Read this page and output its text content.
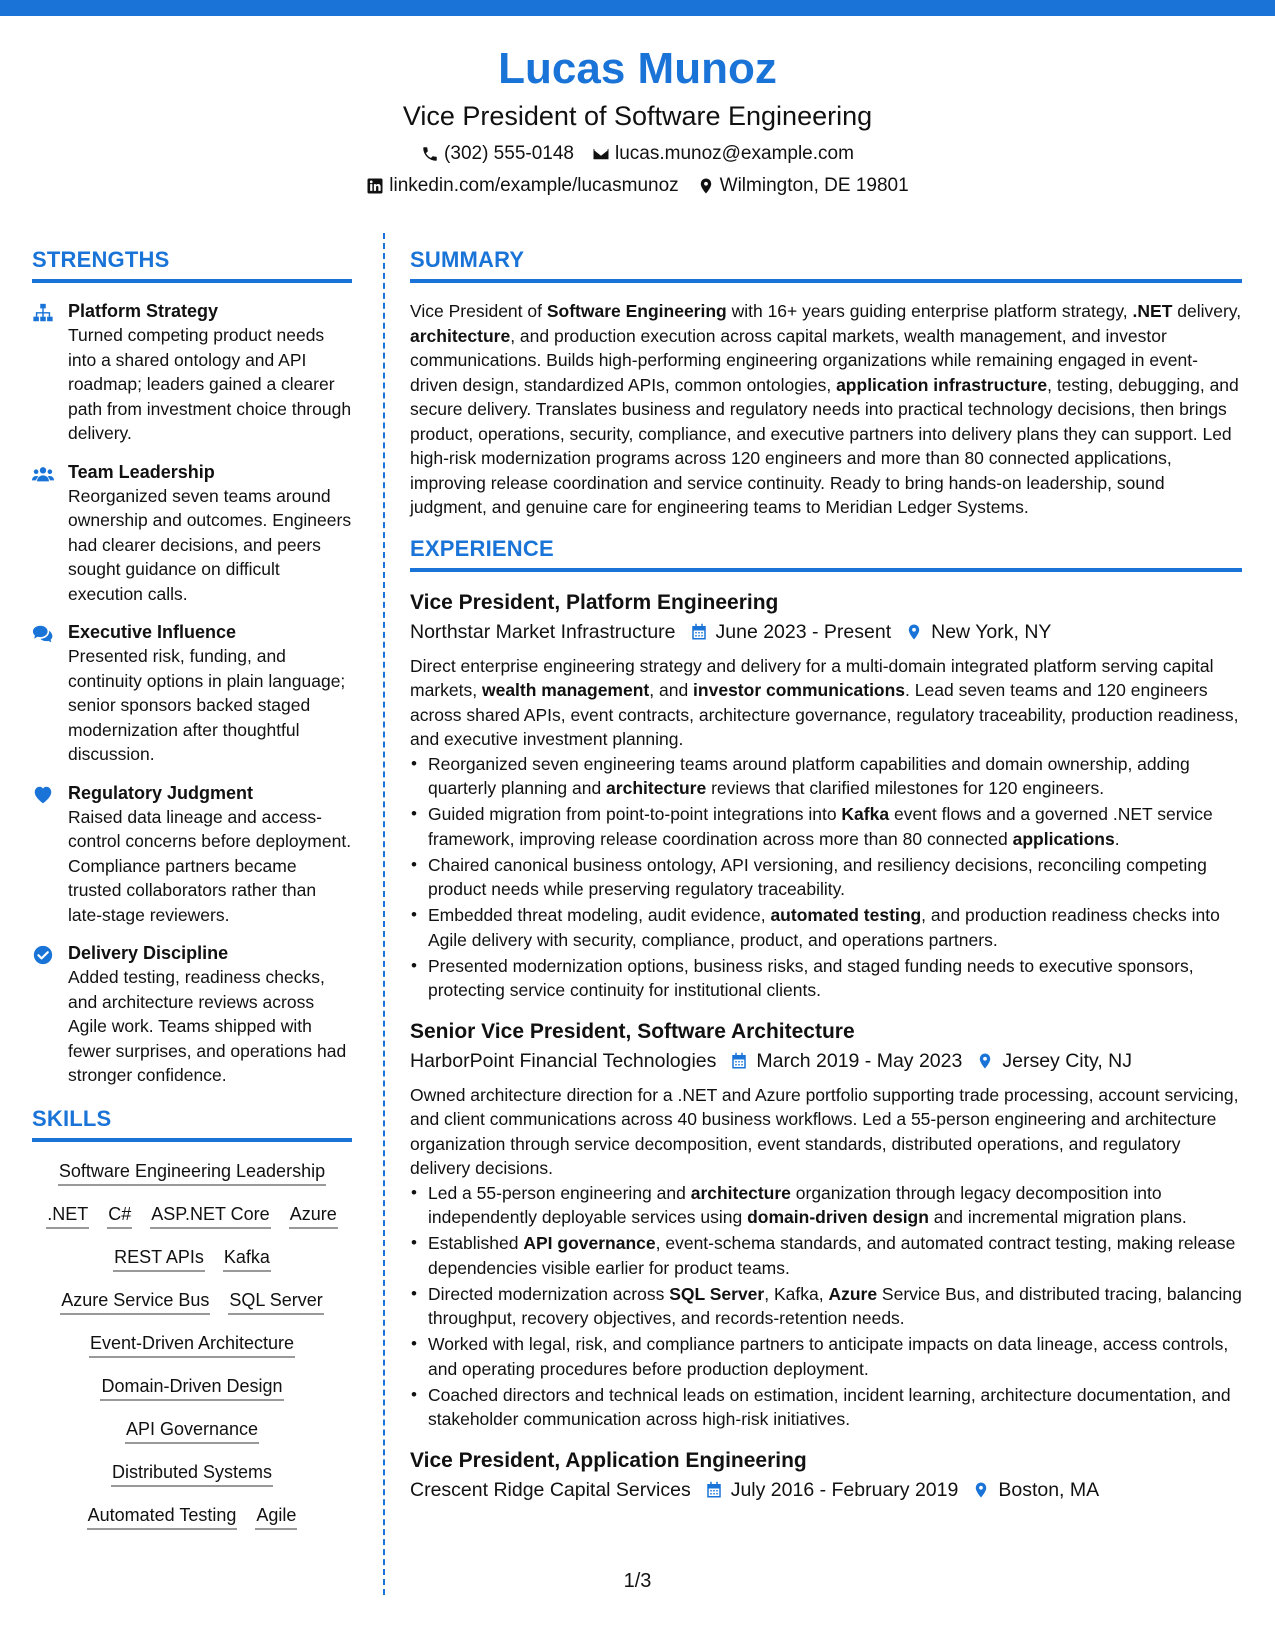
Lucas Munoz
Vice President of Software Engineering
(302) 555-0148 lucas.munoz@example.com
linkedin.com/example/lucasmunoz Wilmington, DE 19801
STRENGTHS
Platform Strategy
Turned competing product needs into a shared ontology and API roadmap; leaders gained a clearer path from investment choice through delivery.
Team Leadership
Reorganized seven teams around ownership and outcomes. Engineers had clearer decisions, and peers sought guidance on difficult execution calls.
Executive Influence
Presented risk, funding, and continuity options in plain language; senior sponsors backed staged modernization after thoughtful discussion.
Regulatory Judgment
Raised data lineage and access-control concerns before deployment. Compliance partners became trusted collaborators rather than late-stage reviewers.
Delivery Discipline
Added testing, readiness checks, and architecture reviews across Agile work. Teams shipped with fewer surprises, and operations had stronger confidence.
SKILLS
Software Engineering Leadership
.NET C# ASP.NET Core Azure
REST APIs Kafka
Azure Service Bus SQL Server
Event-Driven Architecture
Domain-Driven Design
API Governance
Distributed Systems
Automated Testing Agile
SUMMARY
Vice President of Software Engineering with 16+ years guiding enterprise platform strategy, .NET delivery, architecture, and production execution across capital markets, wealth management, and investor communications. Builds high-performing engineering organizations while remaining engaged in event-driven design, standardized APIs, common ontologies, application infrastructure, testing, debugging, and secure delivery. Translates business and regulatory needs into practical technology decisions, then brings product, operations, security, compliance, and executive partners into delivery plans they can support. Led high-risk modernization programs across 120 engineers and more than 80 connected applications, improving release coordination and service continuity. Ready to bring hands-on leadership, sound judgment, and genuine care for engineering teams to Meridian Ledger Systems.
EXPERIENCE
Vice President, Platform Engineering
Northstar Market Infrastructure June 2023 - Present New York, NY
Direct enterprise engineering strategy and delivery for a multi-domain integrated platform serving capital markets, wealth management, and investor communications. Lead seven teams and 120 engineers across shared APIs, event contracts, architecture governance, regulatory traceability, production readiness, and executive investment planning.
• Reorganized seven engineering teams around platform capabilities and domain ownership, adding quarterly planning and architecture reviews that clarified milestones for 120 engineers.
• Guided migration from point-to-point integrations into Kafka event flows and a governed .NET service framework, improving release coordination across more than 80 connected applications.
• Chaired canonical business ontology, API versioning, and resiliency decisions, reconciling competing product needs while preserving regulatory traceability.
• Embedded threat modeling, audit evidence, automated testing, and production readiness checks into Agile delivery with security, compliance, product, and operations partners.
• Presented modernization options, business risks, and staged funding needs to executive sponsors, protecting service continuity for institutional clients.
Senior Vice President, Software Architecture
HarborPoint Financial Technologies March 2019 - May 2023 Jersey City, NJ
Owned architecture direction for a .NET and Azure portfolio supporting trade processing, account servicing, and client communications across 40 business workflows. Led a 55-person engineering and architecture organization through service decomposition, event standards, distributed operations, and regulatory delivery decisions.
• Led a 55-person engineering and architecture organization through legacy decomposition into independently deployable services using domain-driven design and incremental migration plans.
• Established API governance, event-schema standards, and automated contract testing, making release dependencies visible earlier for product teams.
• Directed modernization across SQL Server, Kafka, Azure Service Bus, and distributed tracing, balancing throughput, recovery objectives, and records-retention needs.
• Worked with legal, risk, and compliance partners to anticipate impacts on data lineage, access controls, and operating procedures before production deployment.
• Coached directors and technical leads on estimation, incident learning, architecture documentation, and stakeholder communication across high-risk initiatives.
Vice President, Application Engineering
Crescent Ridge Capital Services July 2016 - February 2019 Boston, MA
1/3
